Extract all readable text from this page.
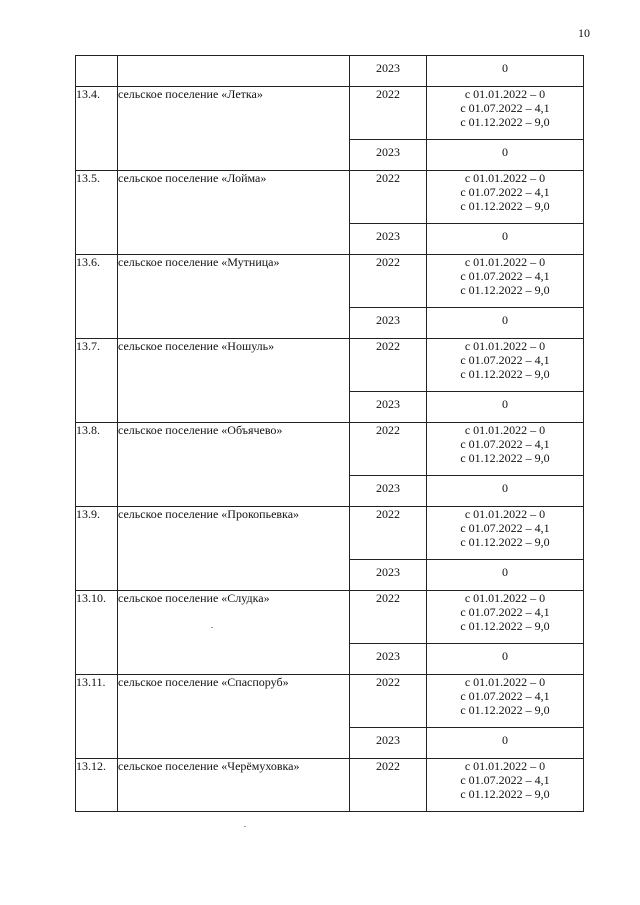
10
		2023	0
13.4.	сельское поселение «Летка»	2022	с 01.01.2022 – 0
с 01.07.2022 – 4,1
с 01.12.2022 – 9,0

		2023	0
13.5.	сельское поселение «Лойма»	2022	с 01.01.2022 – 0
с 01.07.2022 – 4,1
с 01.12.2022 – 9,0

		2023	0
13.6.	сельское поселение «Мутница»	2022	с 01.01.2022 – 0
с 01.07.2022 – 4,1
с 01.12.2022 – 9,0

		2023	0
13.7.	сельское поселение «Ношуль»	2022	с 01.01.2022 – 0
с 01.07.2022 – 4,1
с 01.12.2022 – 9,0

		2023	0
13.8.	сельское поселение «Объячево»	2022	с 01.01.2022 – 0
с 01.07.2022 – 4,1
с 01.12.2022 – 9,0

		2023	0
13.9.	сельское поселение «Прокопьевка»	2022	с 01.01.2022 – 0
с 01.07.2022 – 4,1
с 01.12.2022 – 9,0

		2023	0
13.10.	сельское поселение «Слудка»	2022	с 01.01.2022 – 0
с 01.07.2022 – 4,1
с 01.12.2022 – 9,0

		2023	0
13.11.	сельское поселение «Спаспоруб»	2022	с 01.01.2022 – 0
с 01.07.2022 – 4,1
с 01.12.2022 – 9,0

		2023	0
13.12.	сельское поселение «Черёмуховка»	2022	с 01.01.2022 – 0
с 01.07.2022 – 4,1
с 01.12.2022 – 9,0
